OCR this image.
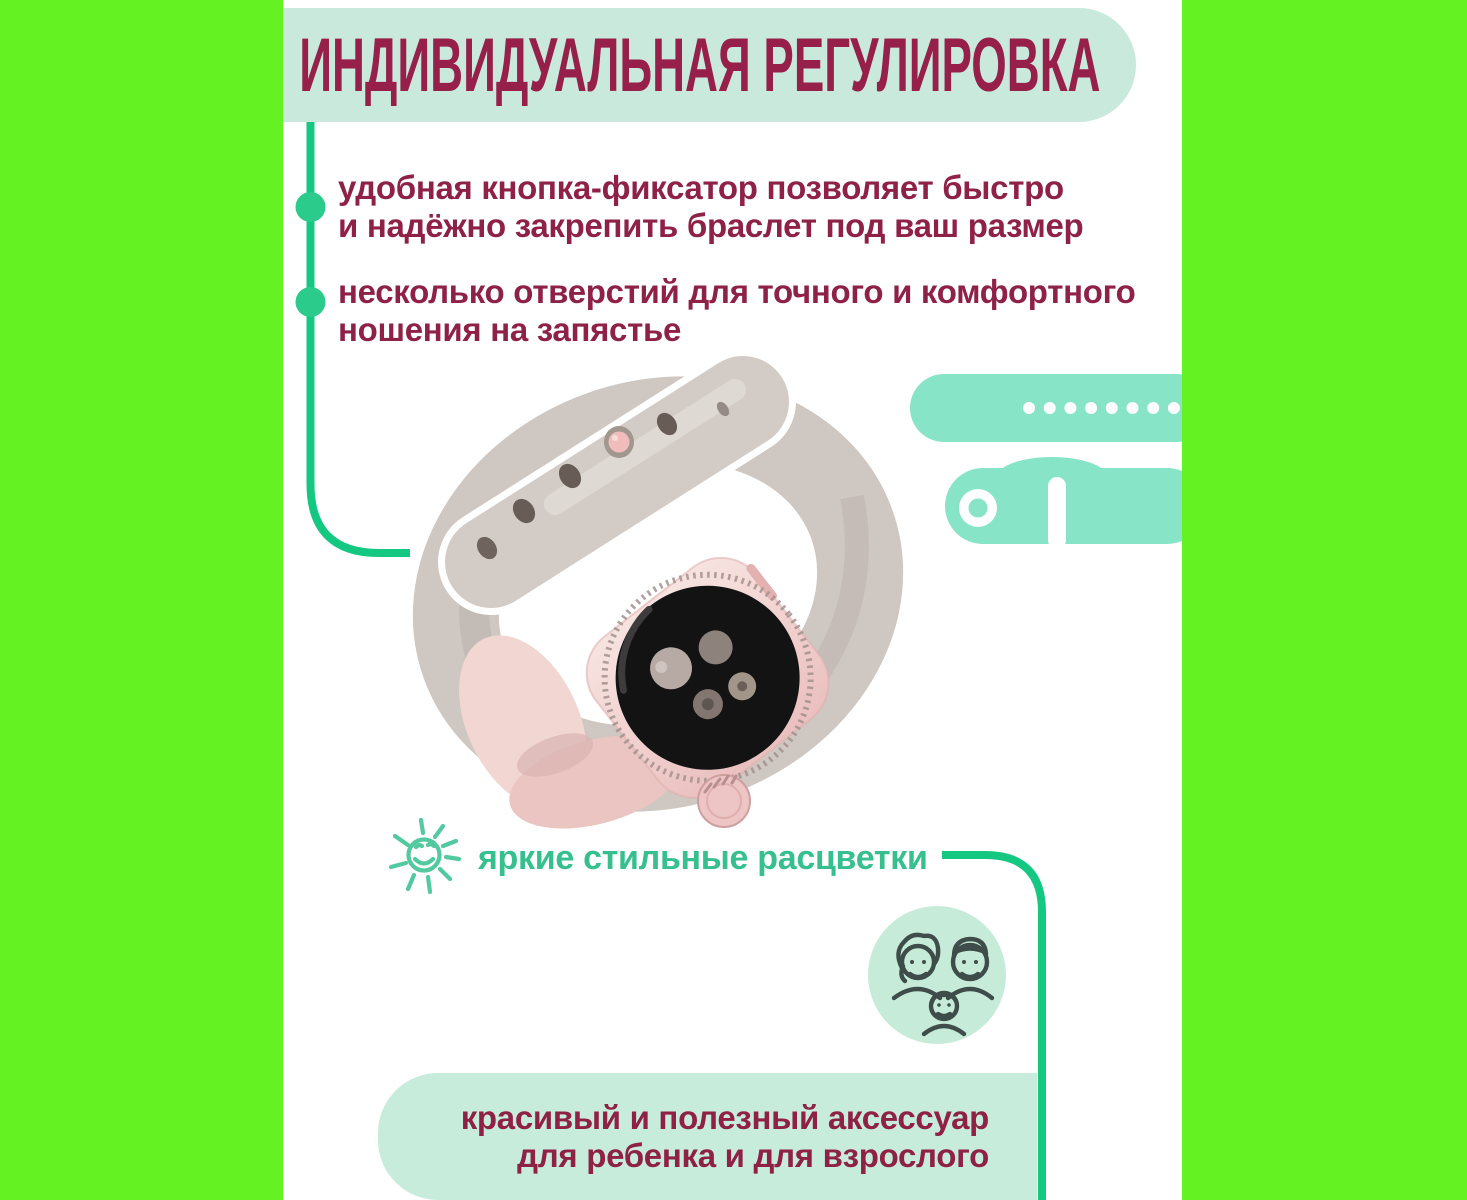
ИНДИВИДУАЛЬНАЯ РЕГУЛИРОВКА
удобная кнопка-фиксатор позволяет быстро
и надёжно закрепить браслет под ваш размер
несколько отверстий для точного и комфортного
ношения на запястье
яркие стильные расцветки
красивый и полезный аксессуар
для ребенка и для взрослого
